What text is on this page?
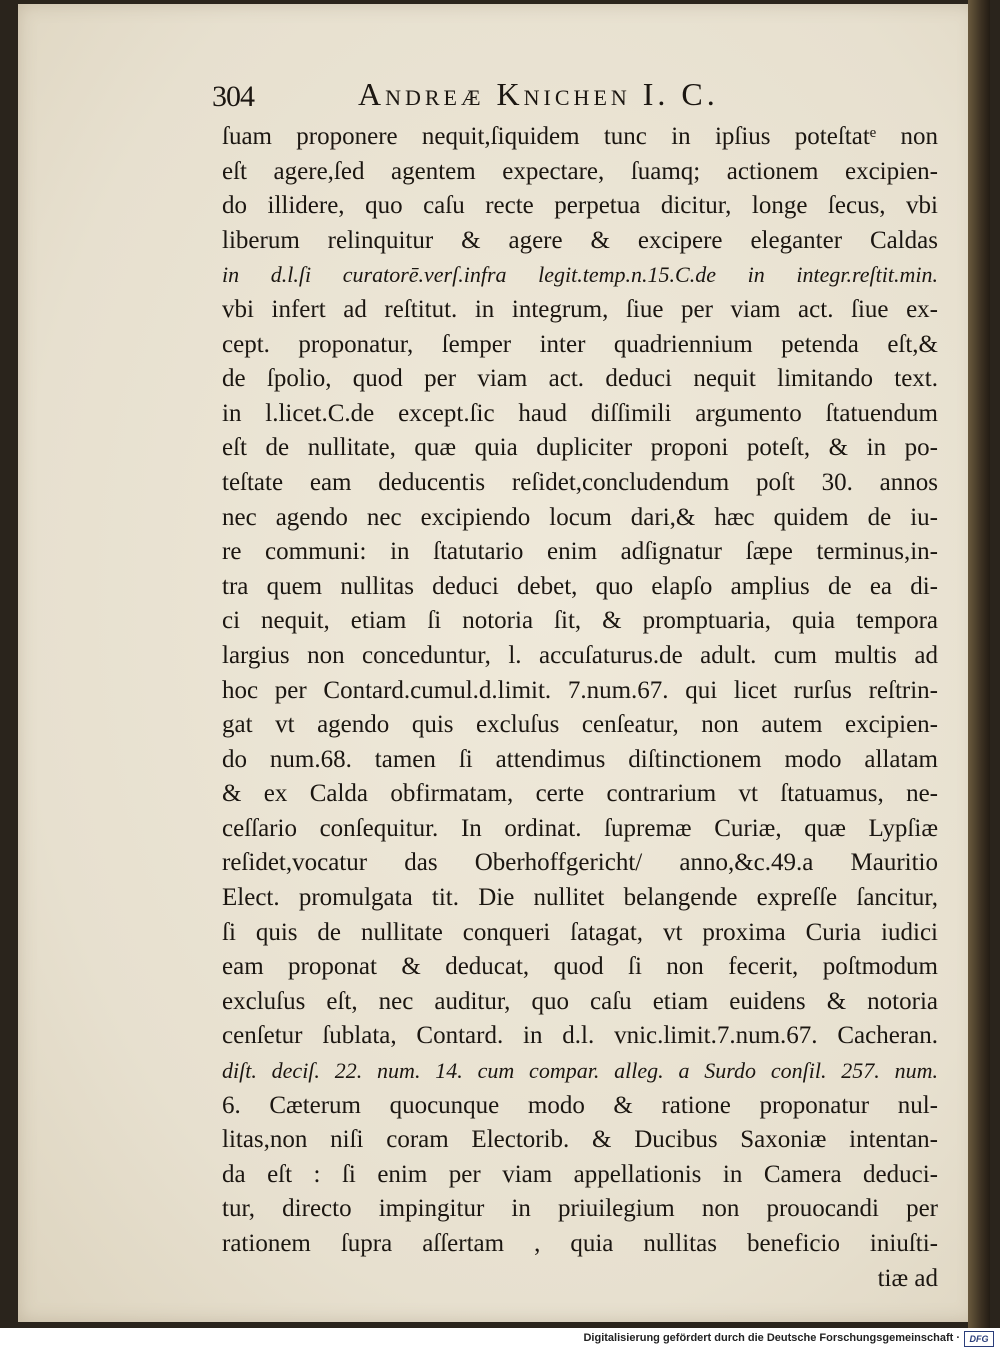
304	Andreæ Knichen I. C.
ſuam proponere nequit,ſiquidem tunc in ipſius poteſtatᵉ non
eſt agere,ſed agentem expectare, ſuamq; actionem excipien-
do illidere, quo caſu recte perpetua dicitur, longe ſecus, vbi
liberum relinquitur & agere & excipere eleganter Caldas
in d.l.ſi curatorē.verſ.infra legit.temp.n.15.C.de in integr.reſtit.min.
vbi infert ad reſtitut. in integrum, ſiue per viam act. ſiue ex-
cept. proponatur, ſemper inter quadriennium petenda eſt,&
de ſpolio, quod per viam act. deduci nequit limitando text.
in l.licet.C.de except.ſic haud diſſimili argumento ſtatuendum
eſt de nullitate, quæ quia dupliciter proponi poteſt, & in po-
teſtate eam deducentis reſidet,concludendum poſt 30. annos
nec agendo nec excipiendo locum dari,& hæc quidem de iu-
re communi: in ſtatutario enim adſignatur ſæpe terminus,in-
tra quem nullitas deduci debet, quo elapſo amplius de ea di-
ci nequit, etiam ſi notoria ſit, & promptuaria, quia tempora
largius non conceduntur, l. accuſaturus.de adult. cum multis ad
hoc per Contard.cumul.d.limit. 7.num.67. qui licet rurſus reſtrin-
gat vt agendo quis excluſus cenſeatur, non autem excipien-
do num.68. tamen ſi attendimus diſtinctionem modo allatam
& ex Calda obfirmatam, certe contrarium vt ſtatuamus, ne-
ceſſario conſequitur. In ordinat. ſupremæ Curiæ, quæ Lypſiæ
reſidet,vocatur das Oberhoffgericht/ anno,&c.49.a Mauritio
Elect. promulgata tit. Die nullitet belangende expreſſe ſancitur,
ſi quis de nullitate conqueri ſatagat, vt proxima Curia iudici
eam proponat & deducat, quod ſi non fecerit, poſtmodum
excluſus eſt, nec auditur, quo caſu etiam euidens & notoria
cenſetur ſublata, Contard. in d.l. vnic.limit.7.num.67. Cacheran.
diſt. deciſ. 22. num. 14. cum compar. alleg. a Surdo conſil. 257. num.
6. Cæterum quocunque modo & ratione proponatur nul-
litas,non niſi coram Electorib. & Ducibus Saxoniæ intentan-
da eſt : ſi enim per viam appellationis in Camera deduci-
tur, directo impingitur in priuilegium non prouocandi per
rationem ſupra aſſertam , quia nullitas beneficio iniuſti-
tiæ ad
Digitalisierung gefördert durch die Deutsche Forschungsgemeinschaft ·	DFG
